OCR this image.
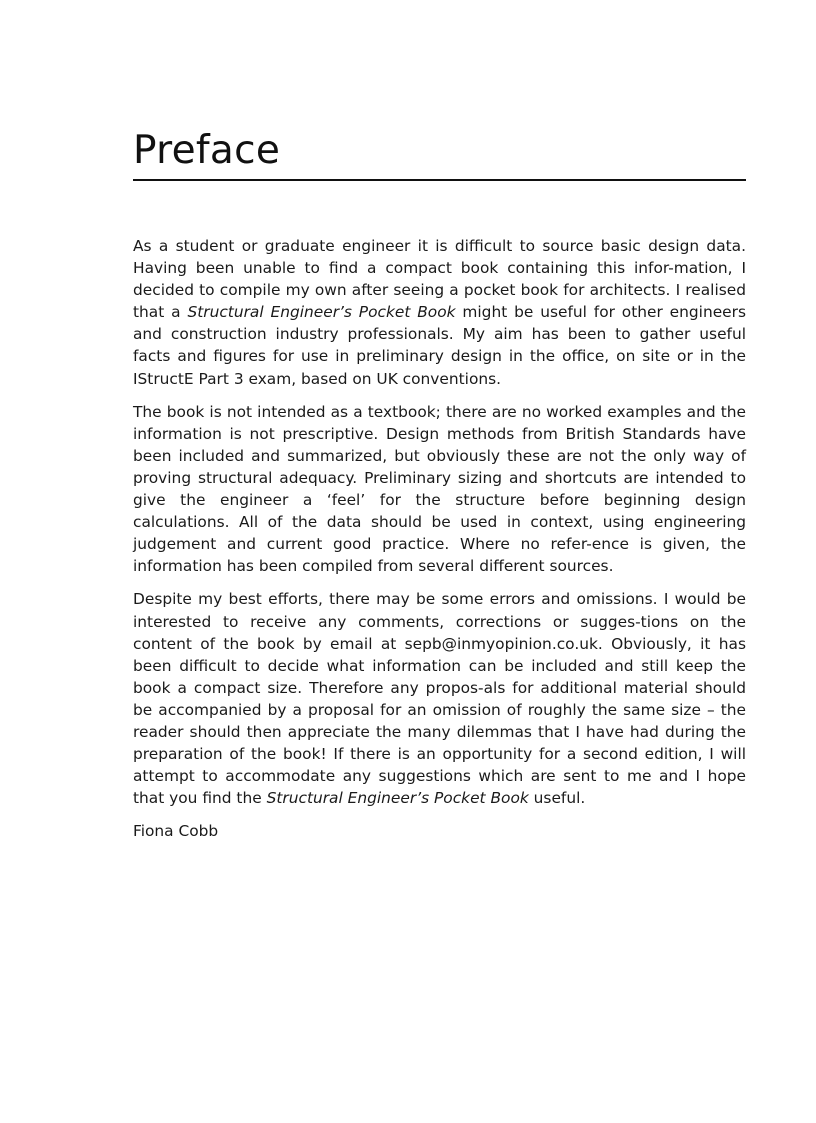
Preface

As a student or graduate engineer it is difficult to source basic design data. Having been unable to find a compact book containing this infor-mation, I decided to compile my own after seeing a pocket book for architects. I realised that a Structural Engineer’s Pocket Book might be useful for other engineers and construction industry professionals. My aim has been to gather useful facts and figures for use in preliminary design in the office, on site or in the IStructE Part 3 exam, based on UK conventions.

The book is not intended as a textbook; there are no worked examples and the information is not prescriptive. Design methods from British Standards have been included and summarized, but obviously these are not the only way of proving structural adequacy. Preliminary sizing and shortcuts are intended to give the engineer a ‘feel’ for the structure before beginning design calculations. All of the data should be used in context, using engineering judgement and current good practice. Where no refer-ence is given, the information has been compiled from several different sources.

Despite my best efforts, there may be some errors and omissions. I would be interested to receive any comments, corrections or sugges-tions on the content of the book by email at sepb@inmyopinion.co.uk. Obviously, it has been difficult to decide what information can be included and still keep the book a compact size. Therefore any propos-als for additional material should be accompanied by a proposal for an omission of roughly the same size – the reader should then appreciate the many dilemmas that I have had during the preparation of the book! If there is an opportunity for a second edition, I will attempt to accommodate any suggestions which are sent to me and I hope that you find the Structural Engineer’s Pocket Book useful.

Fiona Cobb
